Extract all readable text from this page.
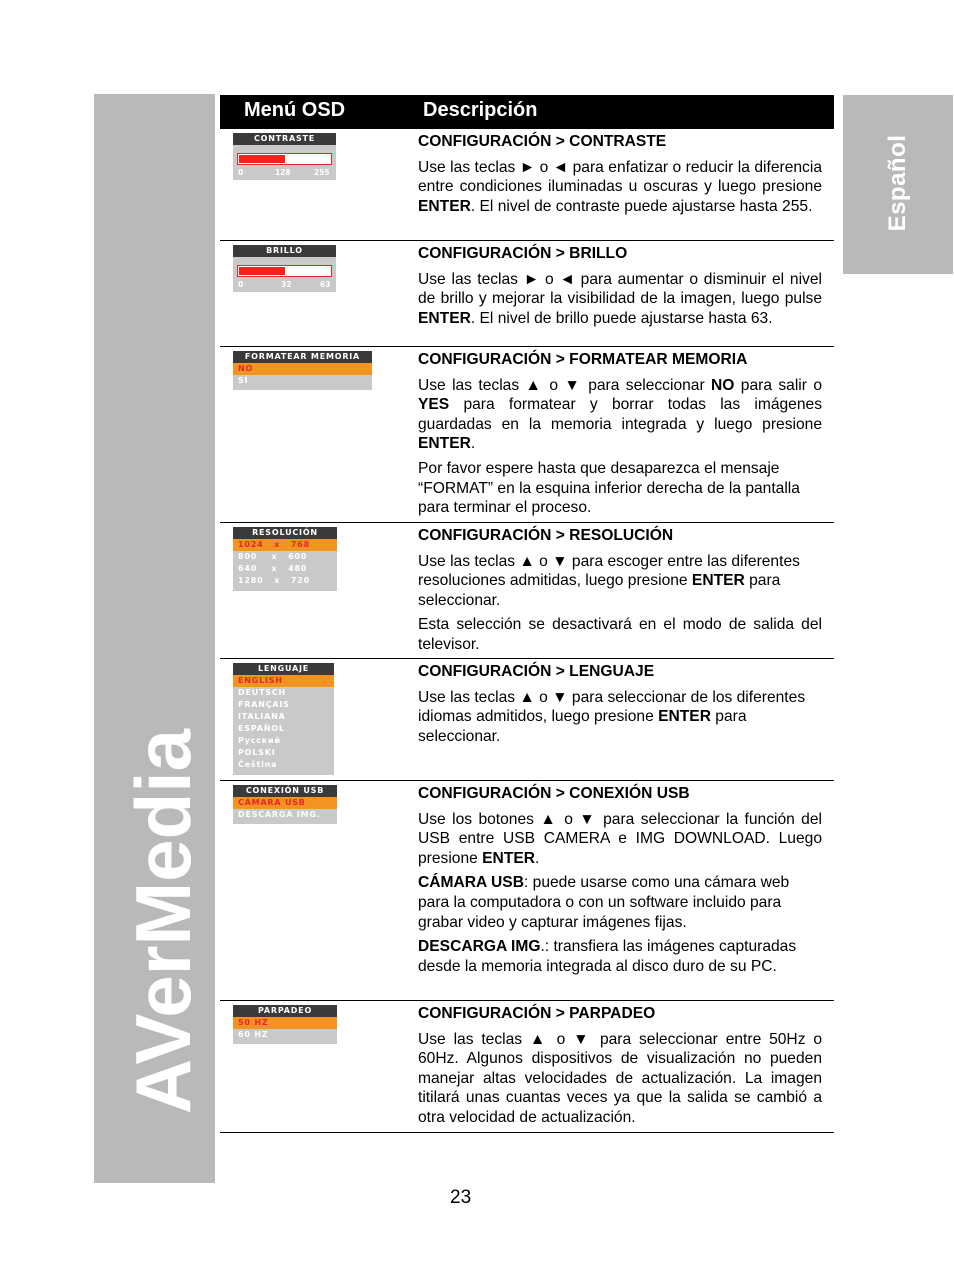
AVerMedia
Español
Menú OSD	Descripción
CONTRASTE
0	128	255
CONFIGURACIÓN > CONTRASTE

Use las teclas ► o ◄ para enfatizar o reducir la diferencia entre condiciones iluminadas u oscuras y luego presione ENTER. El nivel de contraste puede ajustarse hasta 255.

BRILLO
0	32	63
CONFIGURACIÓN > BRILLO

Use las teclas ► o ◄ para aumentar o disminuir el nivel de brillo y mejorar la visibilidad de la imagen, luego pulse ENTER. El nivel de brillo puede ajustarse hasta 63.

FORMATEAR MEMORIA
NO
SÍ
CONFIGURACIÓN > FORMATEAR MEMORIA

Use las teclas ▲ o ▼ para seleccionar NO para salir o YES para formatear y borrar todas las imágenes guardadas en la memoria integrada y luego presione ENTER.

Por favor espere hasta que desaparezca el mensaje “FORMAT” en la esquina inferior derecha de la pantalla para terminar el proceso.

RESOLUCIÓN
1024   x   768
800    x   600
640    x   480
1280   x   720
CONFIGURACIÓN > RESOLUCIÓN

Use las teclas ▲ o ▼ para escoger entre las diferentes resoluciones admitidas, luego presione ENTER para seleccionar.

Esta selección se desactivará en el modo de salida del televisor.

LENGUAJE
ENGLISH
DEUTSCH
FRANÇAIS
ITALIANA
ESPAÑOL
Русский
POLSKI
Čeština
CONFIGURACIÓN > LENGUAJE

Use las teclas ▲ o ▼ para seleccionar de los diferentes idiomas admitidos, luego presione ENTER para seleccionar.

CONEXIÓN USB
CÁMARA USB
DESCARGA IMG.
CONFIGURACIÓN > CONEXIÓN USB

Use los botones ▲ o ▼ para seleccionar la función del USB entre USB CAMERA e IMG DOWNLOAD. Luego presione ENTER.

CÁMARA USB: puede usarse como una cámara web para la computadora o con un software incluido para grabar video y capturar imágenes fijas.

DESCARGA IMG.: transfiera las imágenes capturadas desde la memoria integrada al disco duro de su PC.

PARPADEO
50 HZ
60 HZ
CONFIGURACIÓN > PARPADEO

Use las teclas ▲ o ▼ para seleccionar entre 50Hz o 60Hz. Algunos dispositivos de visualización no pueden manejar altas velocidades de actualización. La imagen titilará unas cuantas veces ya que la salida se cambió a otra velocidad de actualización.

23
